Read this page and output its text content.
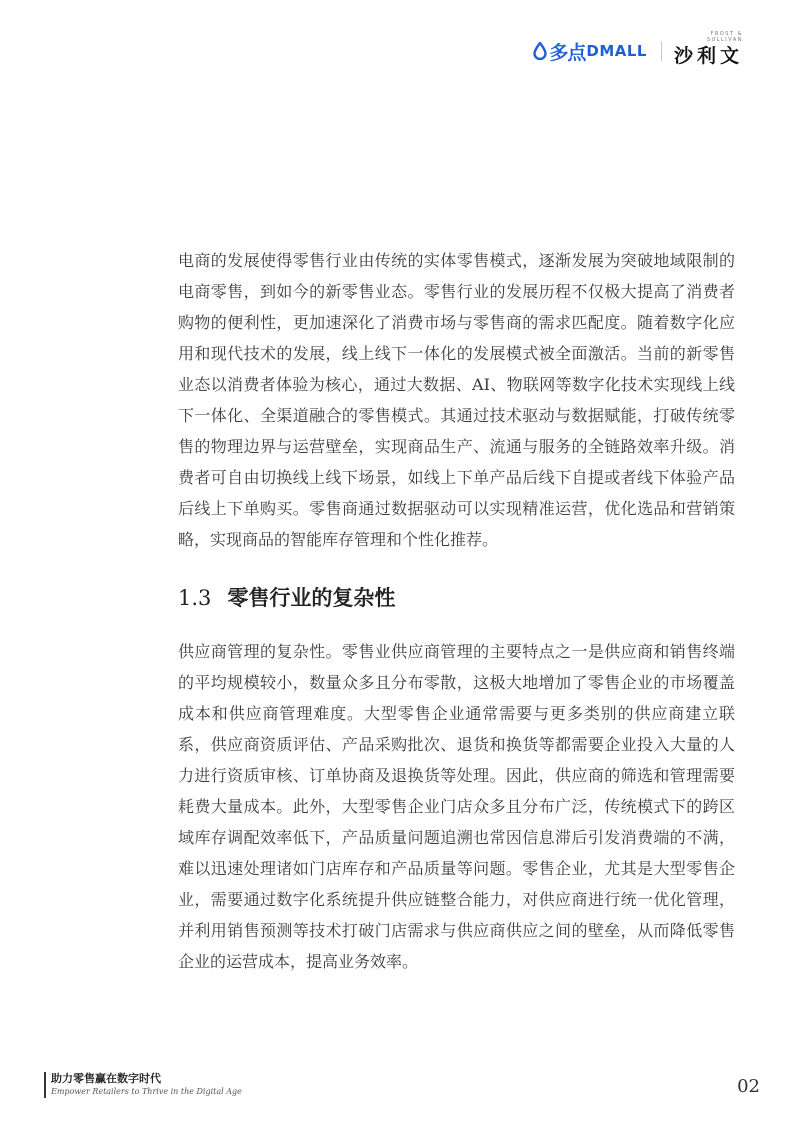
多点 DMALL
FROST & SULLIVAN
沙利文

电商的发展使得零售行业由传统的实体零售模式，逐渐发展为突破地域限制的电商零售，到如今的新零售业态。零售行业的发展历程不仅极大提高了消费者购物的便利性，更加速深化了消费市场与零售商的需求匹配度。随着数字化应用和现代技术的发展，线上线下一体化的发展模式被全面激活。当前的新零售业态以消费者体验为核心，通过大数据、AI、物联网等数字化技术实现线上线下一体化、全渠道融合的零售模式。其通过技术驱动与数据赋能，打破传统零售的物理边界与运营壁垒，实现商品生产、流通与服务的全链路效率升级。消费者可自由切换线上线下场景，如线上下单产品后线下自提或者线下体验产品后线上下单购买。零售商通过数据驱动可以实现精准运营，优化选品和营销策略，实现商品的智能库存管理和个性化推荐。

1.3 零售行业的复杂性

供应商管理的复杂性。零售业供应商管理的主要特点之一是供应商和销售终端的平均规模较小，数量众多且分布零散，这极大地增加了零售企业的市场覆盖成本和供应商管理难度。大型零售企业通常需要与更多类别的供应商建立联系，供应商资质评估、产品采购批次、退货和换货等都需要企业投入大量的人力进行资质审核、订单协商及退换货等处理。因此，供应商的筛选和管理需要耗费大量成本。此外，大型零售企业门店众多且分布广泛，传统模式下的跨区域库存调配效率低下，产品质量问题追溯也常因信息滞后引发消费端的不满，难以迅速处理诸如门店库存和产品质量等问题。零售企业，尤其是大型零售企业，需要通过数字化系统提升供应链整合能力，对供应商进行统一优化管理，并利用销售预测等技术打破门店需求与供应商供应之间的壁垒，从而降低零售企业的运营成本，提高业务效率。

助力零售赢在数字时代
Empower Retailers to Thrive in the Digital Age	02
